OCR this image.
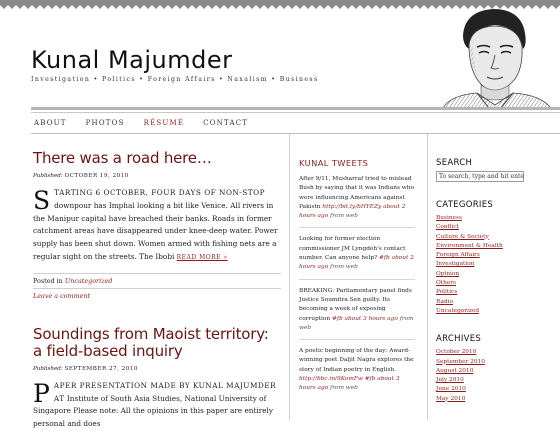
Kunal Majumder
Investigation • Politics • Foreign Affairs • Naxalism • Business
ABOUT	PHOTOS	RÉSUMÉ	CONTACT
There was a road here…
Published: OCTOBER 19, 2010
S TARTING 6 OCTOBER, FOUR DAYS OF NON-STOP downpour has Imphal looking a bit like Venice. All rivers in the Manipur capital have breached their banks. Roads in former catchment areas have disappeared under knee-deep water. Power supply has been shut down. Women armed with fishing nets are a regular sight on the streets. The Ibobi READ MORE »
Posted in Uncategorized
Leave a comment
Soundings from Maoist territory: a field-based inquiry
Published: SEPTEMBER 27, 2010
P APER PRESENTATION MADE BY KUNAL MAJUMDER AT Institute of South Asia Studies, National University of Singapore Please note: All the opinions in this paper are entirely personal and does
KUNAL TWEETS
After 9/11, Musharraf tried to mislead Bush by saying that it was Indians who were influencing Americans against Pakistn http://bit.ly/bHYEZy about 2 hours ago from web
Looking for former election commissioner JM Lyngdoh's contact number. Can anyone help? #fb about 2 hours ago from web
BREAKING: Parliamentary panel finds Justice Soumitra Sen guilty. Its becoming a week of exposing corruption #fb about 3 hours ago from web
A poetic beginning of the day: Award-winning poet Daljit Nagra explores the story of Indian poetry in English. http://bbc.in/9KomFw #fb about 3 hours ago from web
SEARCH
To search, type and hit ente
CATEGORIES
Business
Conflict
Culture & Society
Environment & Health
Foreign Affairs
Investigation
Opinion
Others
Politics
Radio
Uncategorized
ARCHIVES
October 2010
September 2010
August 2010
July 2010
June 2010
May 2010
